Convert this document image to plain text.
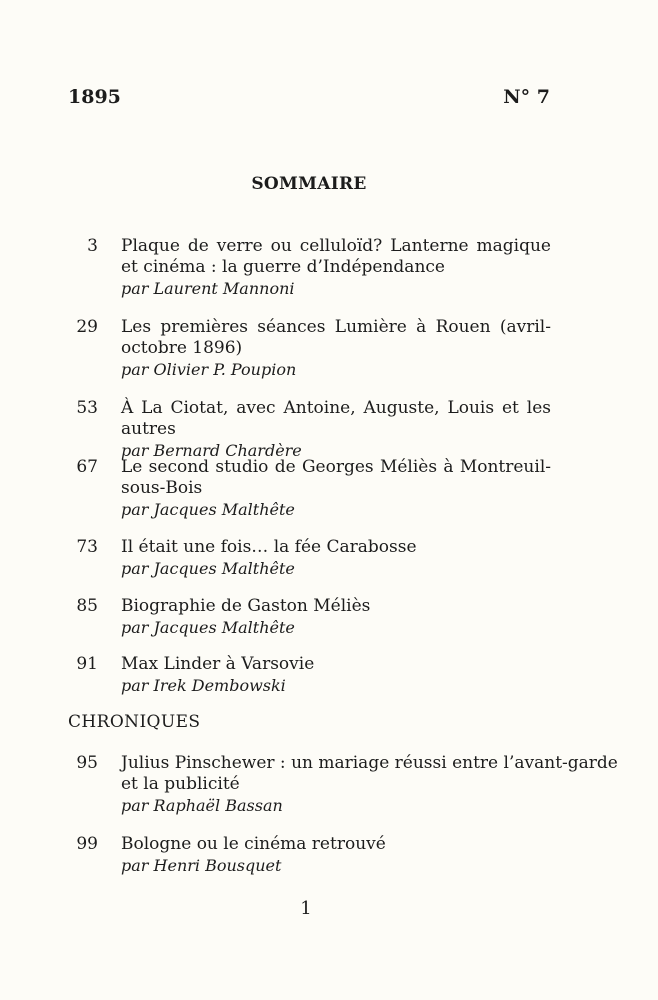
1895	N° 7
SOMMAIRE
3 Plaque de verre ou celluloïd? Lanterne magique et cinéma : la guerre d’Indépendance
par Laurent Mannoni
29 Les premières séances Lumière à Rouen (avril-octobre 1896)
par Olivier P. Poupion
53 À La Ciotat, avec Antoine, Auguste, Louis et les autres
par Bernard Chardère
67 Le second studio de Georges Méliès à Montreuil-sous-Bois
par Jacques Malthête
73 Il était une fois… la fée Carabosse
par Jacques Malthête
85 Biographie de Gaston Méliès
par Jacques Malthête
91 Max Linder à Varsovie
par Irek Dembowski
CHRONIQUES
95 Julius Pinschewer : un mariage réussi entre l’avant-garde
et la publicité
par Raphaël Bassan
99 Bologne ou le cinéma retrouvé
par Henri Bousquet
1
